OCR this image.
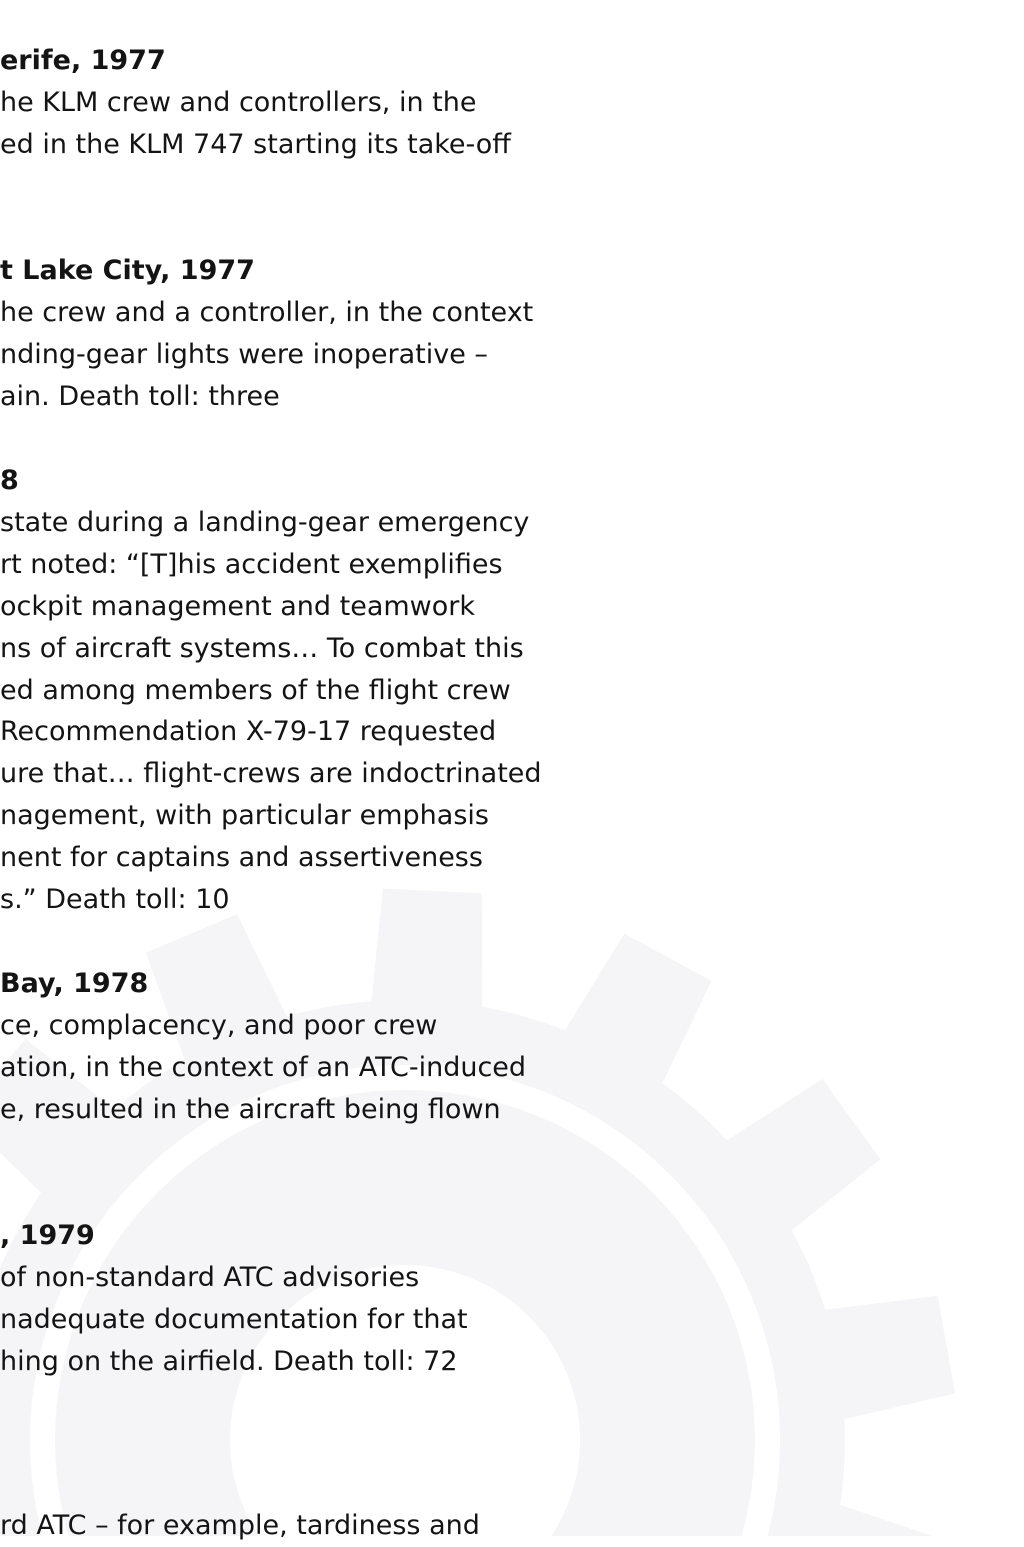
erife, 1977
he KLM crew and controllers, in the
ed in the KLM 747 starting its take-off
t Lake City, 1977
he crew and a controller, in the context
nding-gear lights were inoperative –
ain. Death toll: three
8
state during a landing-gear emergency
rt noted: “[T]his accident exemplifies
ockpit management and teamwork
ns of aircraft systems… To combat this
ed among members of the flight crew
Recommendation X-79-17 requested
ure that… flight-crews are indoctrinated
nagement, with particular emphasis
nent for captains and assertiveness
s.” Death toll: 10
Bay, 1978
ce, complacency, and poor crew
ation, in the context of an ATC-induced
e, resulted in the aircraft being flown
, 1979
of non-standard ATC advisories
nadequate documentation for that
hing on the airfield. Death toll: 72
rd ATC – for example, tardiness and
